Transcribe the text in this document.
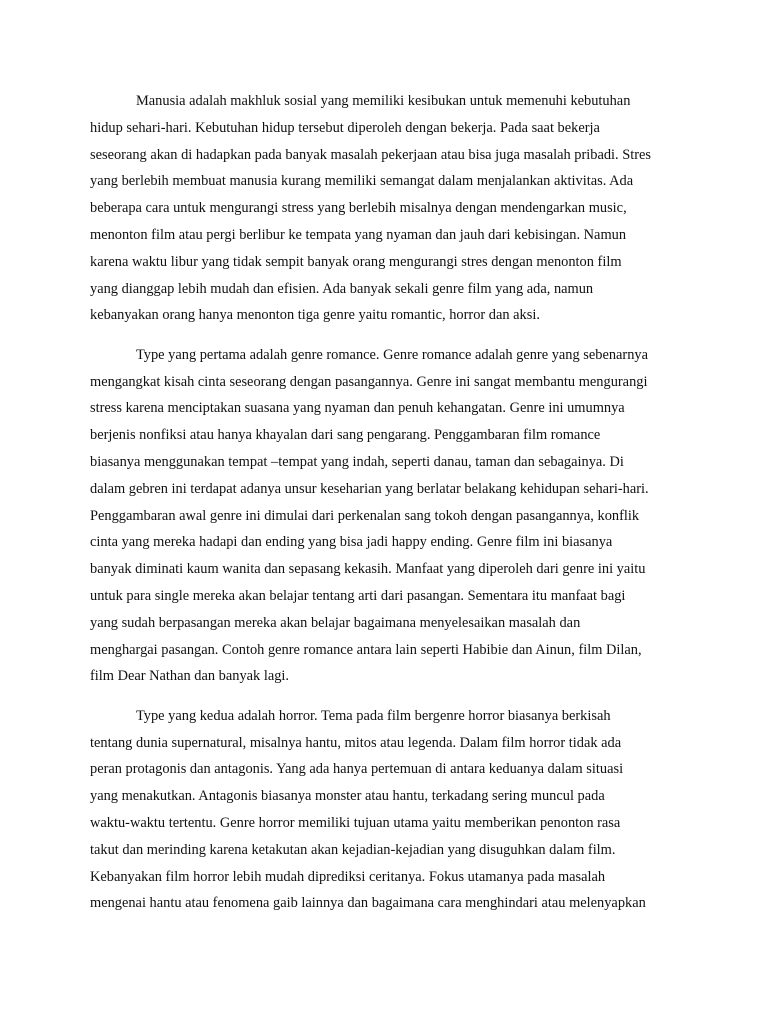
Manusia adalah makhluk sosial yang memiliki kesibukan untuk memenuhi kebutuhan
hidup sehari-hari. Kebutuhan hidup tersebut diperoleh dengan bekerja. Pada saat bekerja
seseorang akan di hadapkan pada banyak masalah pekerjaan atau bisa juga masalah pribadi. Stres
yang berlebih membuat manusia kurang memiliki semangat dalam menjalankan aktivitas. Ada
beberapa cara untuk mengurangi stress yang berlebih misalnya dengan mendengarkan music,
menonton film atau pergi berlibur ke tempata yang nyaman dan jauh dari kebisingan. Namun
karena waktu libur yang tidak sempit banyak orang mengurangi stres dengan menonton film
yang dianggap lebih mudah dan efisien. Ada banyak sekali genre film yang ada, namun
kebanyakan orang hanya menonton tiga genre yaitu romantic, horror dan aksi.
Type yang pertama adalah genre romance. Genre romance adalah genre yang sebenarnya
mengangkat kisah cinta seseorang dengan pasangannya. Genre ini sangat membantu mengurangi
stress karena menciptakan suasana yang nyaman dan penuh kehangatan. Genre ini umumnya
berjenis nonfiksi atau hanya khayalan dari sang pengarang. Penggambaran film romance
biasanya menggunakan tempat –tempat yang indah, seperti danau, taman dan sebagainya. Di
dalam gebren ini terdapat adanya unsur keseharian yang berlatar belakang kehidupan sehari-hari.
Penggambaran awal genre ini dimulai dari perkenalan sang tokoh dengan pasangannya, konflik
cinta yang mereka hadapi dan ending yang bisa jadi happy ending. Genre film ini biasanya
banyak diminati kaum wanita dan sepasang kekasih. Manfaat yang diperoleh dari genre ini yaitu
untuk para single mereka akan belajar tentang arti dari pasangan. Sementara itu manfaat bagi
yang sudah berpasangan mereka akan belajar bagaimana menyelesaikan masalah dan
menghargai pasangan. Contoh genre romance antara lain seperti Habibie dan Ainun, film Dilan,
film Dear Nathan dan banyak lagi.
Type yang kedua adalah horror. Tema pada film bergenre horror biasanya berkisah
tentang dunia supernatural, misalnya hantu, mitos atau legenda. Dalam film horror tidak ada
peran protagonis dan antagonis. Yang ada hanya pertemuan di antara keduanya dalam situasi
yang menakutkan. Antagonis biasanya monster atau hantu, terkadang sering muncul pada
waktu-waktu tertentu. Genre horror memiliki tujuan utama yaitu memberikan penonton rasa
takut dan merinding karena ketakutan akan kejadian-kejadian yang disuguhkan dalam film.
Kebanyakan film horror lebih mudah diprediksi ceritanya. Fokus utamanya pada masalah
mengenai hantu atau fenomena gaib lainnya dan bagaimana cara menghindari atau melenyapkan
